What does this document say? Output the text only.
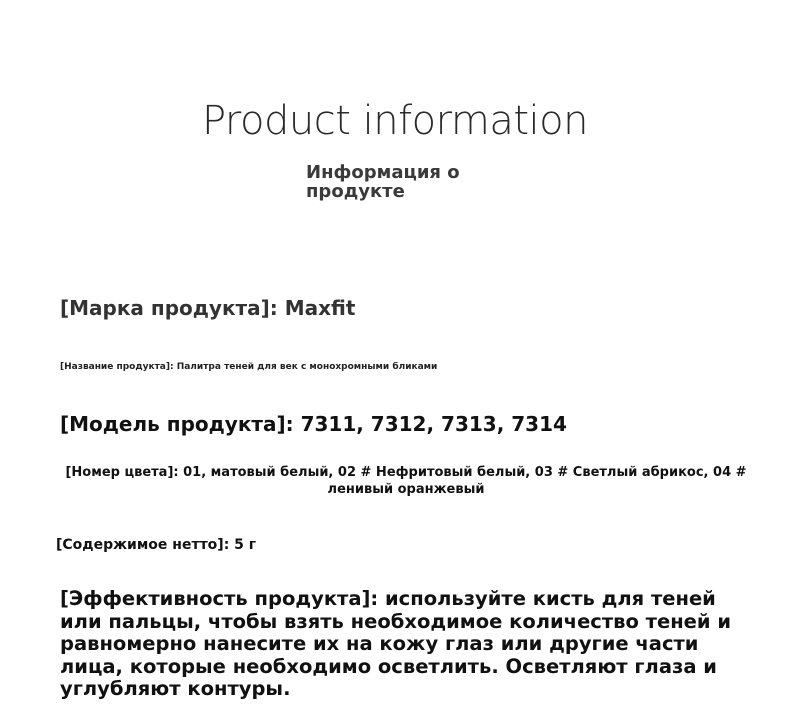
Product information
Информация о продукте
[Марка продукта]: Maxfit
[Название продукта]: Палитра теней для век с монохромными бликами
[Модель продукта]: 7311, 7312, 7313, 7314
[Номер цвета]: 01, матовый белый, 02 # Нефритовый белый, 03 # Светлый абрикос, 04 # ленивый оранжевый
[Содержимое нетто]: 5 г
[Эффективность продукта]: используйте кисть для теней или пальцы, чтобы взять необходимое количество теней и равномерно нанесите их на кожу глаз или другие части лица, которые необходимо осветлить. Осветляют глаза и углубляют контуры.
